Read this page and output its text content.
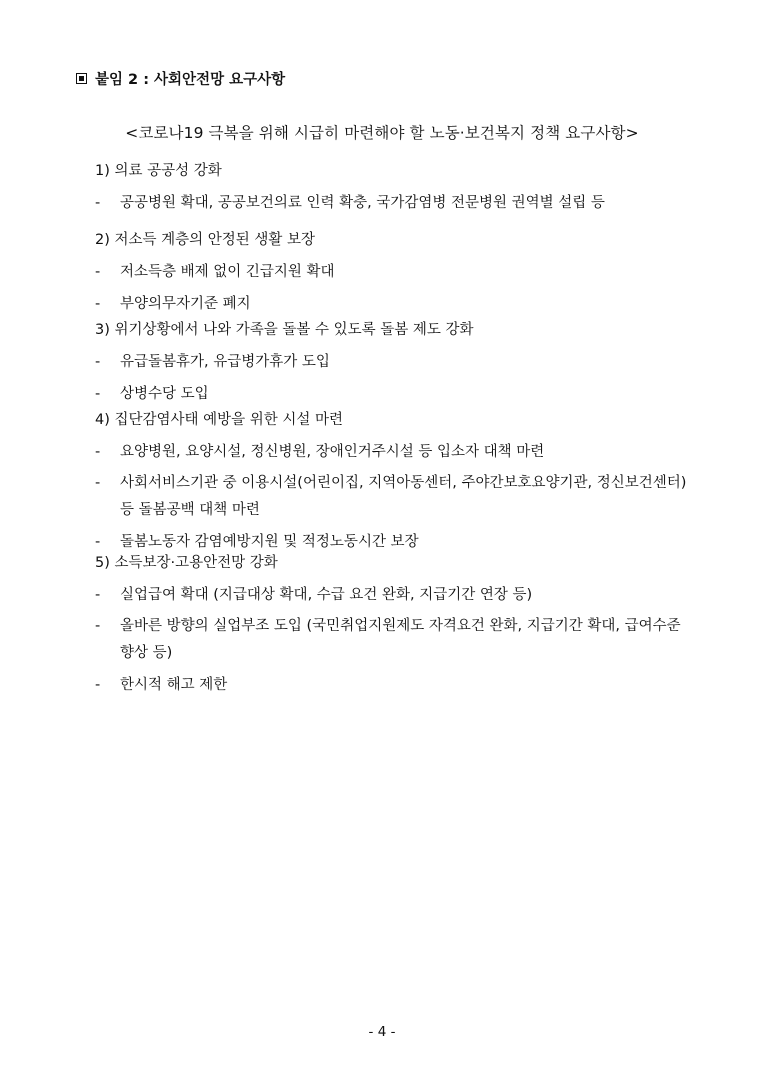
붙임 2 : 사회안전망 요구사항
<코로나19 극복을 위해 시급히 마련해야 할 노동·보건복지 정책 요구사항>
1) 의료 공공성 강화
- 공공병원 확대, 공공보건의료 인력 확충, 국가감염병 전문병원 권역별 설립 등
2) 저소득 계층의 안정된 생활 보장
- 저소득층 배제 없이 긴급지원 확대
- 부양의무자기준 폐지
3) 위기상황에서 나와 가족을 돌볼 수 있도록 돌봄 제도 강화
- 유급돌봄휴가, 유급병가휴가 도입
- 상병수당 도입
4) 집단감염사태 예방을 위한 시설 마련
- 요양병원, 요양시설, 정신병원, 장애인거주시설 등 입소자 대책 마련
- 사회서비스기관 중 이용시설(어린이집, 지역아동센터, 주야간보호요양기관, 정신보건센터) 등 돌봄공백 대책 마련
- 돌봄노동자 감염예방지원 및 적정노동시간 보장
5) 소득보장·고용안전망 강화
- 실업급여 확대 (지급대상 확대, 수급 요건 완화, 지급기간 연장 등)
- 올바른 방향의 실업부조 도입 (국민취업지원제도 자격요건 완화, 지급기간 확대, 급여수준 향상 등)
- 한시적 해고 제한
- 4 -
